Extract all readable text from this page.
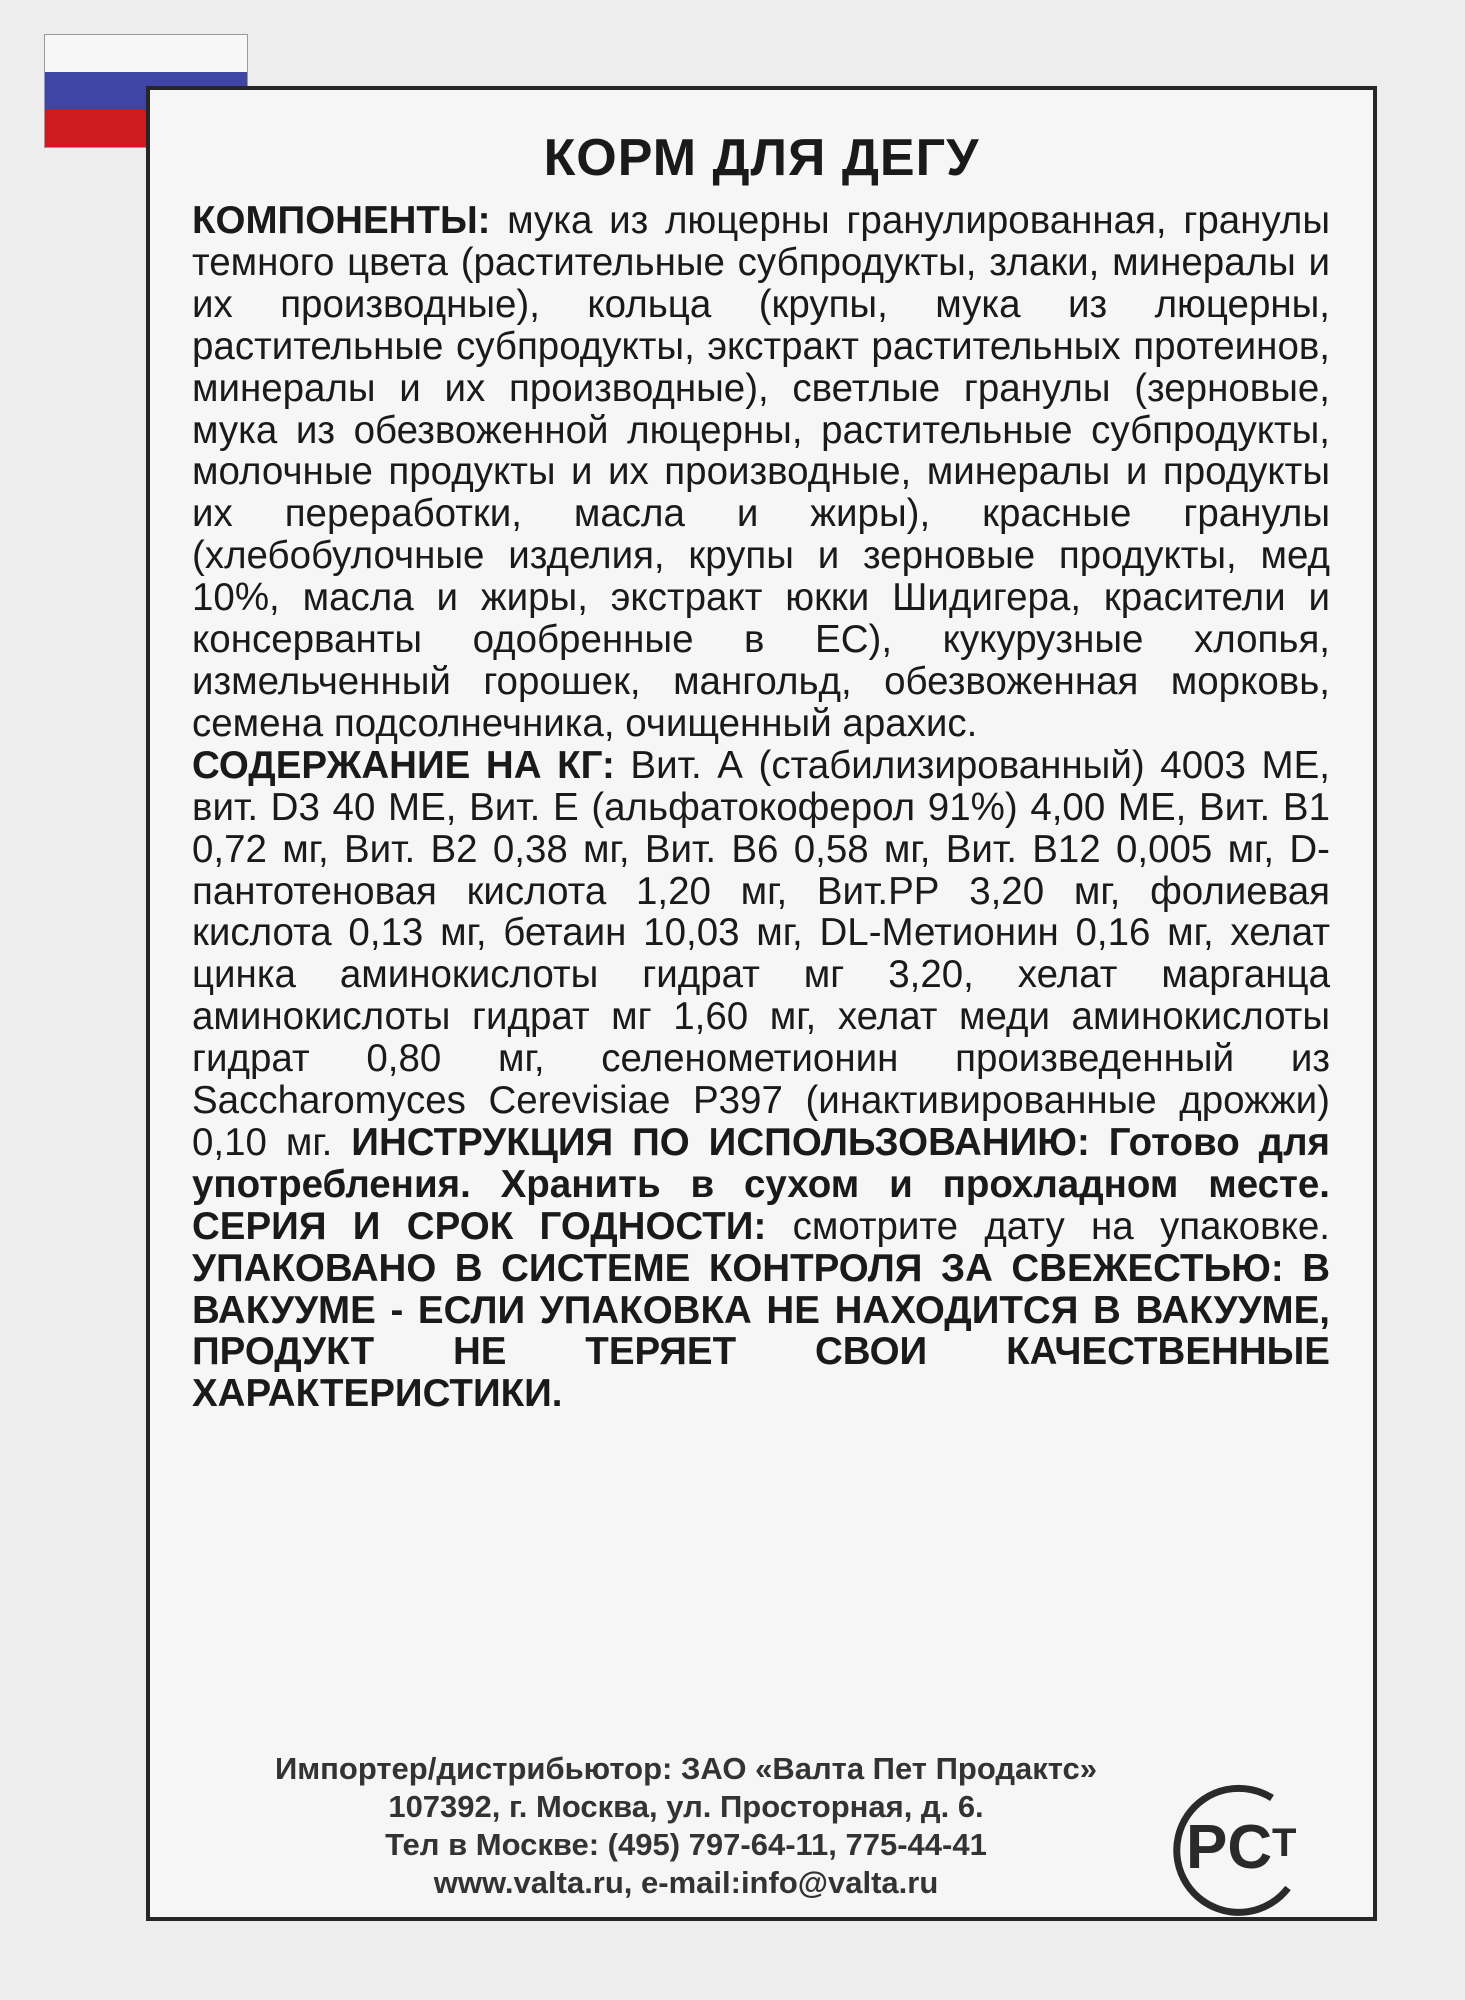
КОРМ ДЛЯ ДЕГУ
КОМПОНЕНТЫ: мука из люцерны гранулированная, гранулы темного цвета (растительные субпродукты, злаки, минералы и их производные), кольца (крупы, мука из люцерны, растительные субпродукты, экстракт растительных протеинов, минералы и их производные), светлые гранулы (зерновые, мука из обезвоженной люцерны, растительные субпродукты, молочные продукты и их производные, минералы и продукты их переработки, масла и жиры), красные гранулы (хлебобулочные изделия, крупы и зерновые продукты, мед 10%, масла и жиры, экстракт юкки Шидигера, красители и консерванты одобренные в ЕС), кукурузные хлопья, измельченный горошек, мангольд, обезвоженная морковь, семена подсолнечника, очищенный арахис.
СОДЕРЖАНИЕ НА КГ: Вит. А (стабилизированный) 4003 МЕ, вит. D3 40 МЕ, Вит. Е (альфатокоферол 91%) 4,00 МЕ, Вит. В1 0,72 мг, Вит. В2 0,38 мг, Вит. В6 0,58 мг, Вит. В12 0,005 мг, D-пантотеновая кислота 1,20 мг, Вит.РР 3,20 мг, фолиевая кислота 0,13 мг, бетаин 10,03 мг, DL-Метионин 0,16 мг, хелат цинка аминокислоты гидрат мг 3,20, хелат марганца аминокислоты гидрат мг 1,60 мг, хелат меди аминокислоты гидрат 0,80 мг, селенометионин произведенный из Saccharomyces Cerevisiae P397 (инактивированные дрожжи) 0,10 мг. ИНСТРУКЦИЯ ПО ИСПОЛЬЗОВАНИЮ: Готово для употребления. Хранить в сухом и прохладном месте. СЕРИЯ И СРОК ГОДНОСТИ: смотрите дату на упаковке. УПАКОВАНО В СИСТЕМЕ КОНТРОЛЯ ЗА СВЕЖЕСТЬЮ: В ВАКУУМЕ - ЕСЛИ УПАКОВКА НЕ НАХОДИТСЯ В ВАКУУМЕ, ПРОДУКТ НЕ ТЕРЯЕТ СВОИ КАЧЕСТВЕННЫЕ ХАРАКТЕРИСТИКИ.
Импортер/дистрибьютор: ЗАО «Валта Пет Продактс»
107392, г. Москва, ул. Просторная, д. 6.
Тел в Москве: (495) 797-64-11, 775-44-41
www.valta.ru, e-mail:info@valta.ru
PC T
